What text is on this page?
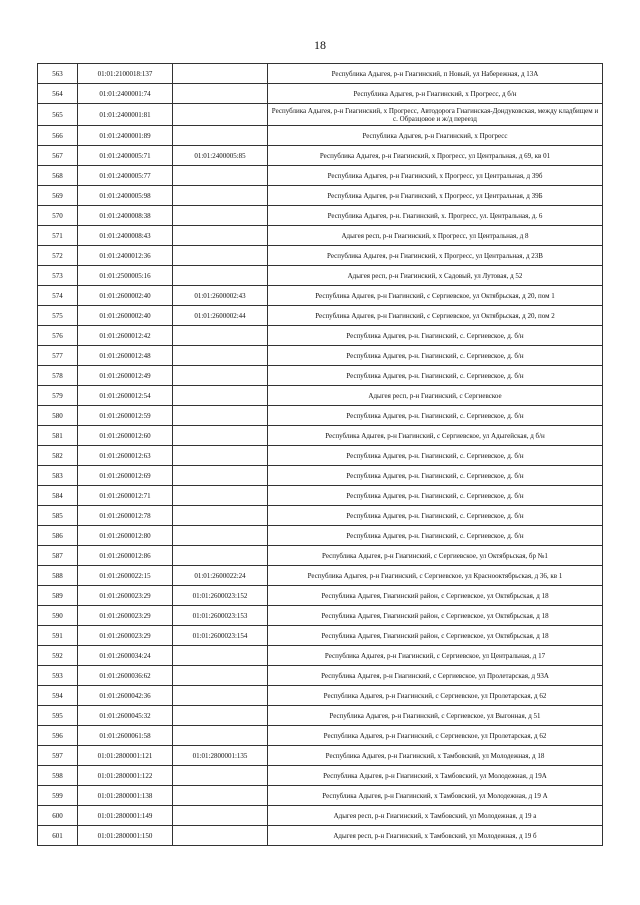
18
563	01:01:2100018:137		Республика Адыгея, р-н Гиагинский, п Новый, ул Набережная, д 13А
564	01:01:2400001:74		Республика Адыгея, р-н Гиагинский, х Прогресс, д б/н
565	01:01:2400001:81		Республика Адыгея, р-н Гиагинский, х Прогресс, Автодорога Гиагинская-Дондуковская, между кладбищем и с. Образцовое и ж/д переезд
566	01:01:2400001:89		Республика Адыгея, р-н Гиагинский, х Прогресс
567	01:01:2400005:71	01:01:2400005:85	Республика Адыгея, р-н Гиагинский, х Прогресс, ул Центральная, д 69, кв 01
568	01:01:2400005:77		Республика Адыгея, р-н Гиагинский, х Прогресс, ул Центральная, д 39б
569	01:01:2400005:98		Республика Адыгея, р-н Гиагинский, х Прогресс, ул Центральная, д 39Б
570	01:01:2400008:38		Республика Адыгея, р-н. Гиагинский, х. Прогресс, ул. Центральная, д. 6
571	01:01:2400008:43		Адыгея респ, р-н Гиагинский, х Прогресс, ул Центральная, д 8
572	01:01:2400012:36		Республика Адыгея, р-н Гиагинский, х Прогресс, ул Центральная, д 23В
573	01:01:2500005:16		Адыгея респ, р-н Гиагинский, х Садовый, ул Лутовая, д 52
574	01:01:2600002:40	01:01:2600002:43	Республика Адыгея, р-н Гиагинский, с Сергиевское, ул Октябрьская, д 20, пом 1
575	01:01:2600002:40	01:01:2600002:44	Республика Адыгея, р-н Гиагинский, с Сергиевское, ул Октябрьская, д 20, пом 2
576	01:01:2600012:42		Республика Адыгея, р-н. Гиагинский, с. Сергиевское, д. б/н
577	01:01:2600012:48		Республика Адыгея, р-н. Гиагинский, с. Сергиевское, д. б/н
578	01:01:2600012:49		Республика Адыгея, р-н. Гиагинский, с. Сергиевское, д. б/н
579	01:01:2600012:54		Адыгея респ, р-н Гиагинский, с Сергиевское
580	01:01:2600012:59		Республика Адыгея, р-н. Гиагинский, с. Сергиевское, д. б/н
581	01:01:2600012:60		Республика Адыгея, р-н Гиагинский, с Сергиевское, ул Адыгейская, д б/н
582	01:01:2600012:63		Республика Адыгея, р-н. Гиагинский, с. Сергиевское, д. б/н
583	01:01:2600012:69		Республика Адыгея, р-н. Гиагинский, с. Сергиевское, д. б/н
584	01:01:2600012:71		Республика Адыгея, р-н. Гиагинский, с. Сергиевское, д. б/н
585	01:01:2600012:78		Республика Адыгея, р-н. Гиагинский, с. Сергиевское, д. б/н
586	01:01:2600012:80		Республика Адыгея, р-н. Гиагинский, с. Сергиевское, д. б/н
587	01:01:2600012:86		Республика Адыгея, р-н Гиагинский, с Сергиевское, ул Октябрьская, бр №1
588	01:01:2600022:15	01:01:2600022:24	Республика Адыгея, р-н Гиагинский, с Сергиевское, ул Красноoктябрьская, д 36, кв 1
589	01:01:2600023:29	01:01:2600023:152	Республика Адыгея, Гиагинский район, с Сергиевское, ул Октябрьская, д 18
590	01:01:2600023:29	01:01:2600023:153	Республика Адыгея, Гиагинский район, с Сергиевское, ул Октябрьская, д 18
591	01:01:2600023:29	01:01:2600023:154	Республика Адыгея, Гиагинский район, с Сергиевское, ул Октябрьская, д 18
592	01:01:2600034:24		Республика Адыгея, р-н Гиагинский, с Сергиевское, ул Центральная, д 17
593	01:01:2600036:62		Республика Адыгея, р-н Гиагинский, с Сергиевское, ул Пролетарская, д 93А
594	01:01:2600042:36		Республика Адыгея, р-н Гиагинский, с Сергиевское, ул Пролетарская, д 62
595	01:01:2600045:32		Республика Адыгея, р-н Гиагинский, с Сергиевское, ул Выгонная, д 51
596	01:01:2600061:58		Республика Адыгея, р-н Гиагинский, с Сергиевское, ул Пролетарская, д 62
597	01:01:2800001:121	01:01:2800001:135	Республика Адыгея, р-н Гиагинский, х Тамбовский, ул Молодежная, д 18
598	01:01:2800001:122		Республика Адыгея, р-н Гиагинский, х Тамбовский, ул Молодежная, д 19А
599	01:01:2800001:138		Республика Адыгея, р-н Гиагинский, х Тамбовский, ул Молодежная, д 19 А
600	01:01:2800001:149		Адыгея респ, р-н Гиагинский, х Тамбовский, ул Молодежная, д 19 а
601	01:01:2800001:150		Адыгея респ, р-н Гиагинский, х Тамбовский, ул Молодежная, д 19 б
